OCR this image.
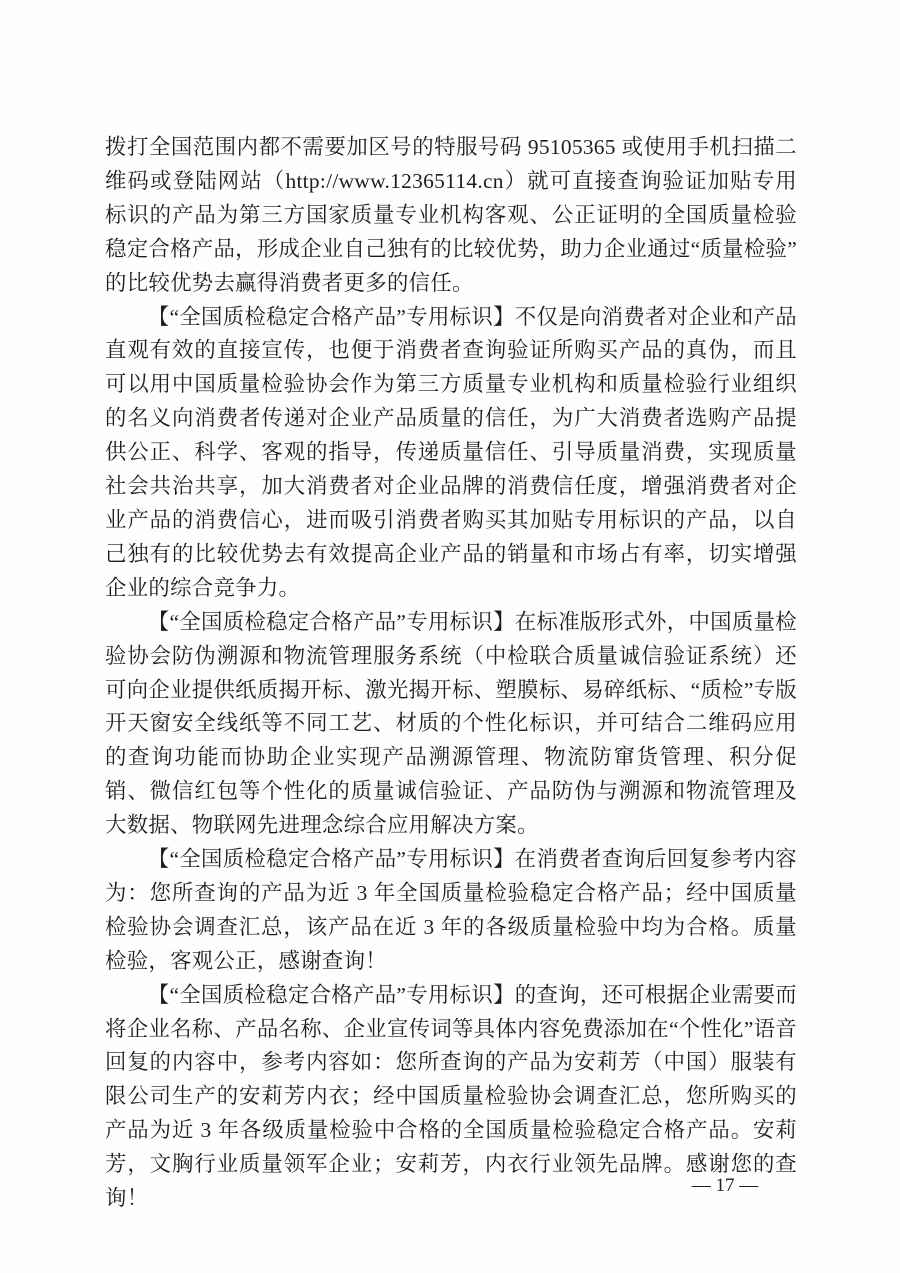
拨打全国范围内都不需要加区号的特服号码 95105365 或使用手机扫描二维码或登陆网站（http://www.12365114.cn）就可直接查询验证加贴专用标识的产品为第三方国家质量专业机构客观、公正证明的全国质量检验稳定合格产品，形成企业自己独有的比较优势，助力企业通过“质量检验”的比较优势去赢得消费者更多的信任。

【“全国质检稳定合格产品”专用标识】不仅是向消费者对企业和产品直观有效的直接宣传，也便于消费者查询验证所购买产品的真伪，而且可以用中国质量检验协会作为第三方质量专业机构和质量检验行业组织的名义向消费者传递对企业产品质量的信任，为广大消费者选购产品提供公正、科学、客观的指导，传递质量信任、引导质量消费，实现质量社会共治共享，加大消费者对企业品牌的消费信任度，增强消费者对企业产品的消费信心，进而吸引消费者购买其加贴专用标识的产品，以自己独有的比较优势去有效提高企业产品的销量和市场占有率，切实增强企业的综合竞争力。

【“全国质检稳定合格产品”专用标识】在标准版形式外，中国质量检验协会防伪溯源和物流管理服务系统（中检联合质量诚信验证系统）还可向企业提供纸质揭开标、激光揭开标、塑膜标、易碎纸标、“质检”专版开天窗安全线纸等不同工艺、材质的个性化标识，并可结合二维码应用的查询功能而协助企业实现产品溯源管理、物流防窜货管理、积分促销、微信红包等个性化的质量诚信验证、产品防伪与溯源和物流管理及大数据、物联网先进理念综合应用解决方案。

【“全国质检稳定合格产品”专用标识】在消费者查询后回复参考内容为：您所查询的产品为近 3 年全国质量检验稳定合格产品；经中国质量检验协会调查汇总，该产品在近 3 年的各级质量检验中均为合格。质量检验，客观公正，感谢查询！

【“全国质检稳定合格产品”专用标识】的查询，还可根据企业需要而将企业名称、产品名称、企业宣传词等具体内容免费添加在“个性化”语音回复的内容中，参考内容如：您所查询的产品为安莉芳（中国）服装有限公司生产的安莉芳内衣；经中国质量检验协会调查汇总，您所购买的产品为近 3 年各级质量检验中合格的全国质量检验稳定合格产品。安莉芳，文胸行业质量领军企业；安莉芳，内衣行业领先品牌。感谢您的查询！

— 17 —
